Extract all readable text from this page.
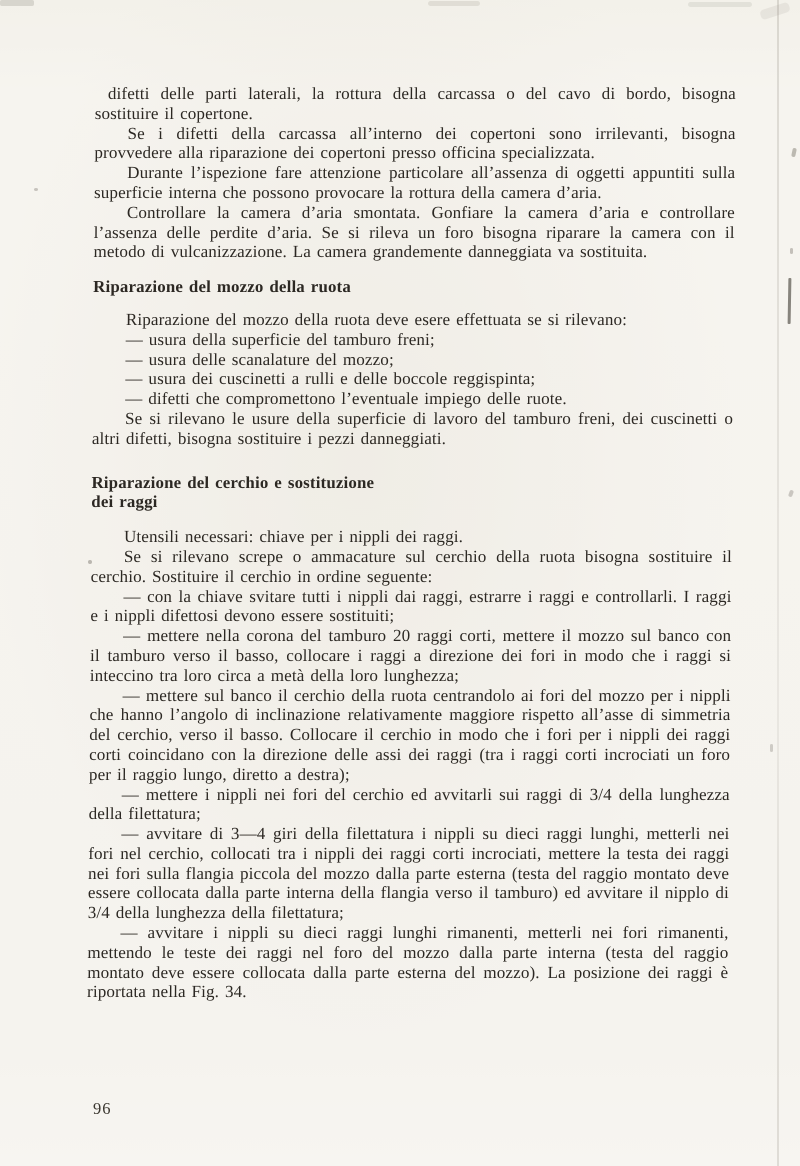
difetti delle parti laterali, la rottura della carcassa o del cavo di bordo, bisogna sostituire il copertone.

Se i difetti della carcassa all’interno dei copertoni sono irrilevanti, bisogna provvedere alla riparazione dei copertoni presso officina specializzata.

Durante l’ispezione fare attenzione particolare all’assenza di oggetti appuntiti sulla superficie interna che possono provocare la rottura della camera d’aria.

Controllare la camera d’aria smontata. Gonfiare la camera d’aria e controllare l’assenza delle perdite d’aria. Se si rileva un foro bisogna riparare la camera con il metodo di vulcanizzazione. La camera grandemente danneggiata va sostituita.

Riparazione del mozzo della ruota

Riparazione del mozzo della ruota deve esere effettuata se si rilevano:

— usura della superficie del tamburo freni;

— usura delle scanalature del mozzo;

— usura dei cuscinetti a rulli e delle boccole reggispinta;

— difetti che compromettono l’eventuale impiego delle ruote.

Se si rilevano le usure della superficie di lavoro del tamburo freni, dei cuscinetti o altri difetti, bisogna sostituire i pezzi danneggiati.

Riparazione del cerchio e sostituzione
dei raggi

Utensili necessari: chiave per i nippli dei raggi.

Se si rilevano screpe o ammacature sul cerchio della ruota bisogna sostituire il cerchio. Sostituire il cerchio in ordine seguente:

— con la chiave svitare tutti i nippli dai raggi, estrarre i raggi e controllarli. I raggi e i nippli difettosi devono essere sostituiti;

— mettere nella corona del tamburo 20 raggi corti, mettere il mozzo sul banco con il tamburo verso il basso, collocare i raggi a direzione dei fori in modo che i raggi si inteccino tra loro circa a metà della loro lunghezza;

— mettere sul banco il cerchio della ruota centrandolo ai fori del mozzo per i nippli che hanno l’angolo di inclinazione relativamente maggiore rispetto all’asse di simmetria del cerchio, verso il basso. Collocare il cerchio in modo che i fori per i nippli dei raggi corti coincidano con la direzione delle assi dei raggi (tra i raggi corti incrociati un foro per il raggio lungo, diretto a destra);

— mettere i nippli nei fori del cerchio ed avvitarli sui raggi di 3/4 della lunghezza della filettatura;

— avvitare di 3—4 giri della filettatura i nippli su dieci raggi lunghi, metterli nei fori nel cerchio, collocati tra i nippli dei raggi corti incrociati, mettere la testa dei raggi nei fori sulla flangia piccola del mozzo dalla parte esterna (testa del raggio montato deve essere collocata dalla parte interna della flangia verso il tamburo) ed avvitare il nipplo di 3/4 della lunghezza della filettatura;

— avvitare i nippli su dieci raggi lunghi rimanenti, metterli nei fori rimanenti, mettendo le teste dei raggi nel foro del mozzo dalla parte interna (testa del raggio montato deve essere collocata dalla parte esterna del mozzo). La posizione dei raggi è riportata nella Fig. 34.

96
